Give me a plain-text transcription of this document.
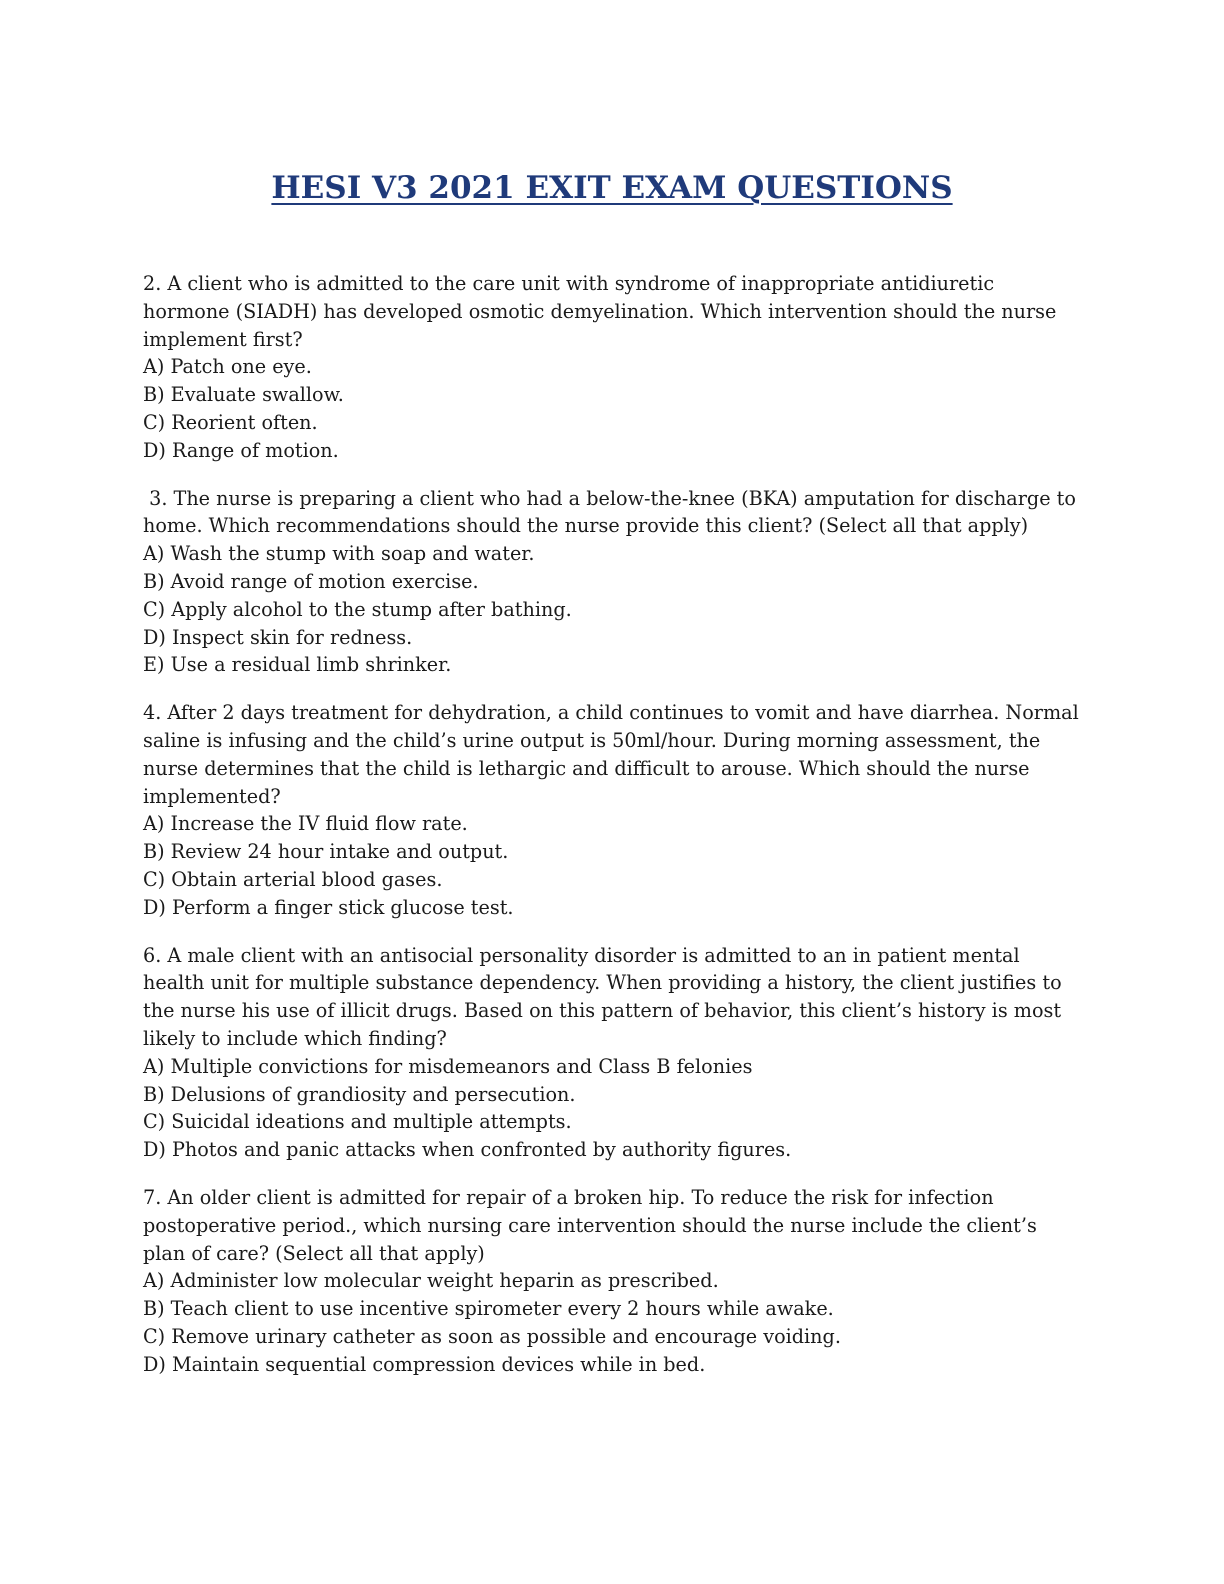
HESI V3 2021 EXIT EXAM QUESTIONS

2. A client who is admitted to the care unit with syndrome of inappropriate antidiuretic hormone (SIADH) has developed osmotic demyelination. Which intervention should the nurse implement first?

A) Patch one eye.

B) Evaluate swallow.

C) Reorient often.

D) Range of motion.

3. The nurse is preparing a client who had a below-the-knee (BKA) amputation for discharge to home. Which recommendations should the nurse provide this client? (Select all that apply)

A) Wash the stump with soap and water.

B) Avoid range of motion exercise.

C) Apply alcohol to the stump after bathing.

D) Inspect skin for redness.

E) Use a residual limb shrinker.

4. After 2 days treatment for dehydration, a child continues to vomit and have diarrhea. Normal saline is infusing and the child’s urine output is 50ml/hour. During morning assessment, the nurse determines that the child is lethargic and difficult to arouse. Which should the nurse implemented?

A) Increase the IV fluid flow rate.

B) Review 24 hour intake and output.

C) Obtain arterial blood gases.

D) Perform a finger stick glucose test.

6. A male client with an antisocial personality disorder is admitted to an in patient mental health unit for multiple substance dependency. When providing a history, the client justifies to the nurse his use of illicit drugs. Based on this pattern of behavior, this client’s history is most likely to include which finding?

A) Multiple convictions for misdemeanors and Class B felonies

B) Delusions of grandiosity and persecution.

C) Suicidal ideations and multiple attempts.

D) Photos and panic attacks when confronted by authority figures.

7. An older client is admitted for repair of a broken hip. To reduce the risk for infection postoperative period., which nursing care intervention should the nurse include the client’s plan of care? (Select all that apply)

A) Administer low molecular weight heparin as prescribed.

B) Teach client to use incentive spirometer every 2 hours while awake.

C) Remove urinary catheter as soon as possible and encourage voiding.

D) Maintain sequential compression devices while in bed.
